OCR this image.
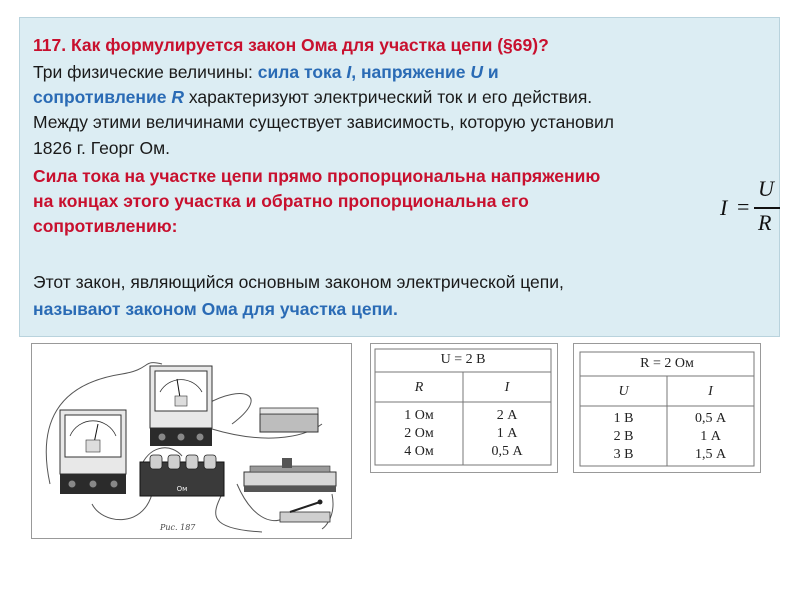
117. Как формулируется закон Ома для участка цепи (§69)?
Три физические величины: сила тока I, напряжение U и
сопротивление R характеризуют электрический ток и его действия.
Между этими величинами существует зависимость, которую установил
1826 г. Георг Ом.
Сила тока на участке цепи прямо пропорциональна напряжению
на концах этого участка и обратно пропорциональна его
сопротивлению:
I =
U
R
Этот закон, являющийся основным законом электрической цепи,
называют законом Ома для участка цепи.
Ом
Рис. 187
U = 2 В
R	I
1 Ом	2 А
2 Ом	1 А
4 Ом	0,5 А
R = 2 Ом
U	I
1 В	0,5 А
2 В	1 А
3 В	1,5 А
